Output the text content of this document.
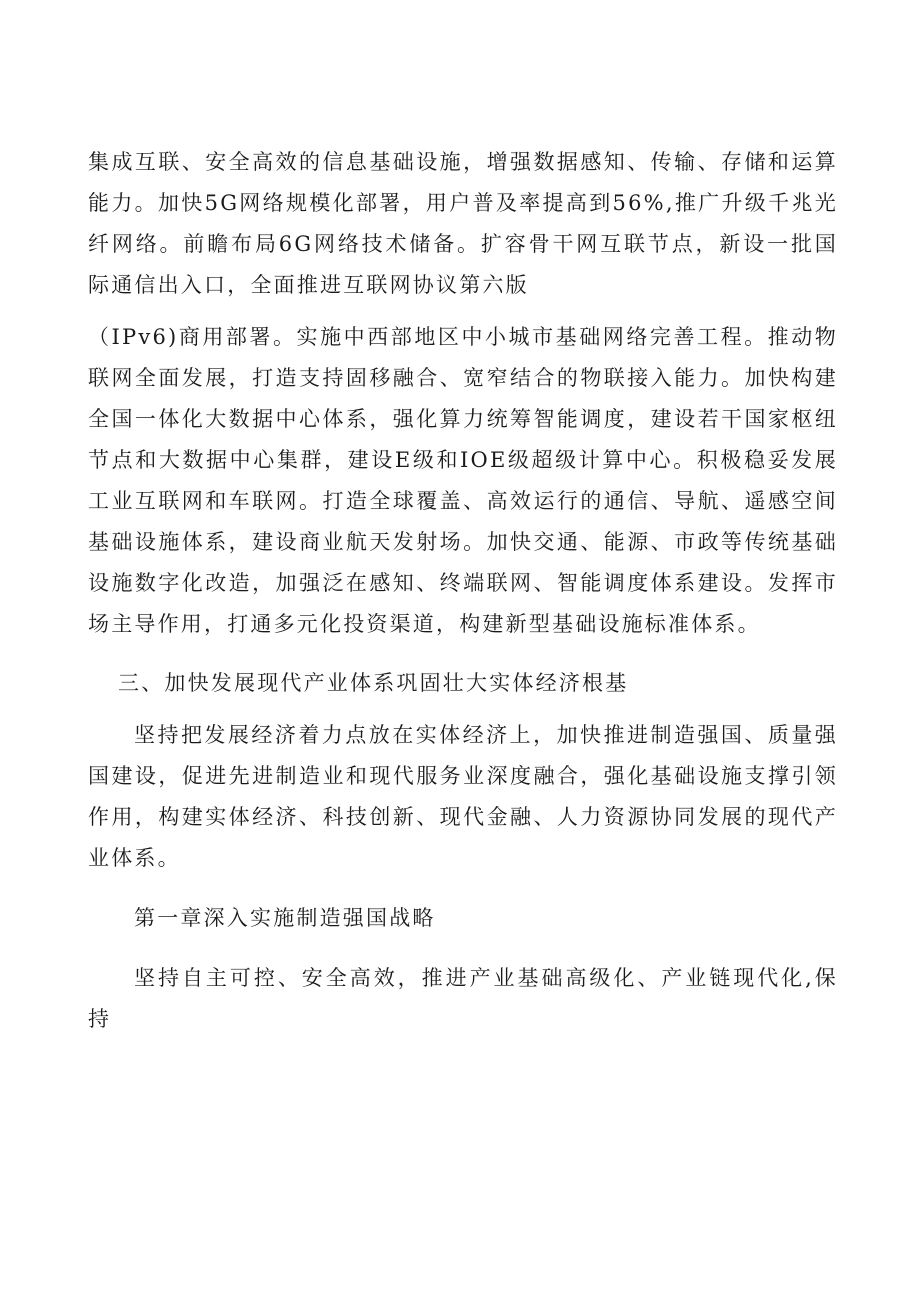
集成互联、安全高效的信息基础设施，增强数据感知、传输、存储和运算能力。加快5G网络规模化部署，用户普及率提高到56%,推广升级千兆光纤网络。前瞻布局6G网络技术储备。扩容骨干网互联节点，新设一批国际通信出入口，全面推进互联网协议第六版

（IPv6)商用部署。实施中西部地区中小城市基础网络完善工程。推动物联网全面发展，打造支持固移融合、宽窄结合的物联接入能力。加快构建全国一体化大数据中心体系，强化算力统筹智能调度，建设若干国家枢纽节点和大数据中心集群，建设E级和IOE级超级计算中心。积极稳妥发展工业互联网和车联网。打造全球覆盖、高效运行的通信、导航、遥感空间基础设施体系，建设商业航天发射场。加快交通、能源、市政等传统基础设施数字化改造，加强泛在感知、终端联网、智能调度体系建设。发挥市场主导作用，打通多元化投资渠道，构建新型基础设施标准体系。

三、加快发展现代产业体系巩固壮大实体经济根基

坚持把发展经济着力点放在实体经济上，加快推进制造强国、质量强国建设，促进先进制造业和现代服务业深度融合，强化基础设施支撑引领作用，构建实体经济、科技创新、现代金融、人力资源协同发展的现代产业体系。

第一章深入实施制造强国战略

坚持自主可控、安全高效，推进产业基础高级化、产业链现代化,保持
